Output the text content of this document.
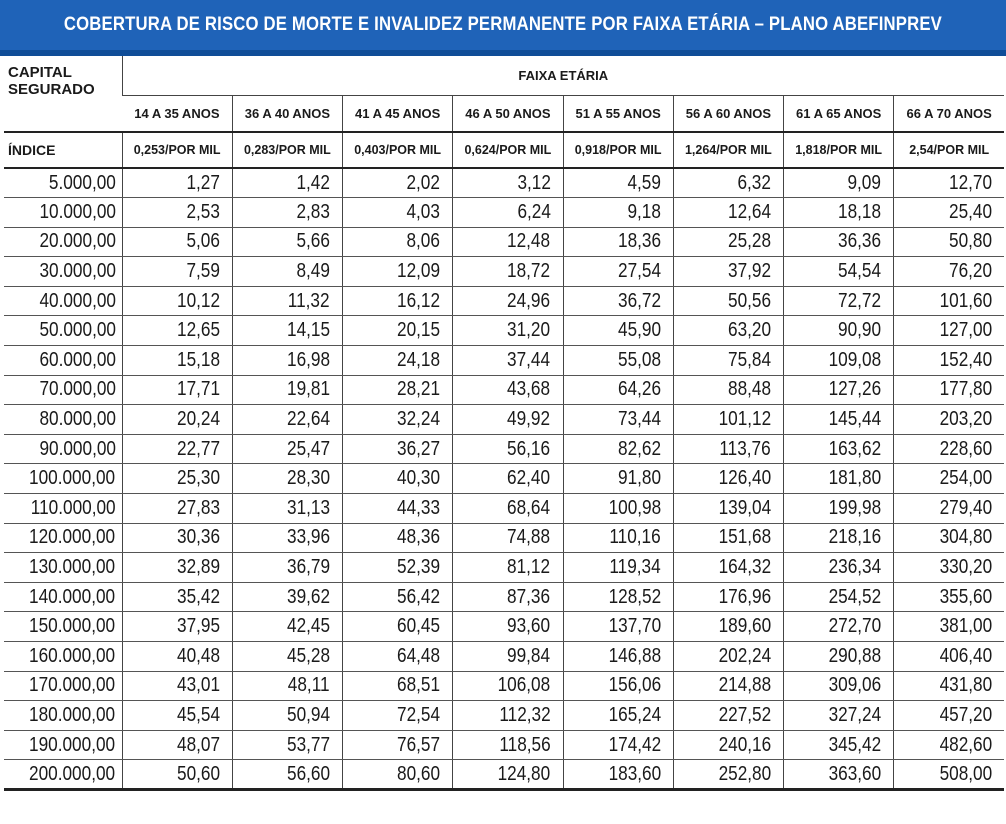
COBERTURA DE RISCO DE MORTE E INVALIDEZ PERMANENTE POR FAIXA ETÁRIA – PLANO ABEFINPREV
CAPITAL
SEGURADO	FAIXA ETÁRIA							
	14 A 35 ANOS	36 A 40 ANOS	41 A 45 ANOS	46 A 50 ANOS	51 A 55 ANOS	56 A 60 ANOS	61 A 65 ANOS	66 A 70 ANOS
ÍNDICE	0,253/POR MIL	0,283/POR MIL	0,403/POR MIL	0,624/POR MIL	0,918/POR MIL	1,264/POR MIL	1,818/POR MIL	2,54/POR MIL
5.000,00	1,27	1,42	2,02	3,12	4,59	6,32	9,09	12,70
10.000,00	2,53	2,83	4,03	6,24	9,18	12,64	18,18	25,40
20.000,00	5,06	5,66	8,06	12,48	18,36	25,28	36,36	50,80
30.000,00	7,59	8,49	12,09	18,72	27,54	37,92	54,54	76,20
40.000,00	10,12	11,32	16,12	24,96	36,72	50,56	72,72	101,60
50.000,00	12,65	14,15	20,15	31,20	45,90	63,20	90,90	127,00
60.000,00	15,18	16,98	24,18	37,44	55,08	75,84	109,08	152,40
70.000,00	17,71	19,81	28,21	43,68	64,26	88,48	127,26	177,80
80.000,00	20,24	22,64	32,24	49,92	73,44	101,12	145,44	203,20
90.000,00	22,77	25,47	36,27	56,16	82,62	113,76	163,62	228,60
100.000,00	25,30	28,30	40,30	62,40	91,80	126,40	181,80	254,00
110.000,00	27,83	31,13	44,33	68,64	100,98	139,04	199,98	279,40
120.000,00	30,36	33,96	48,36	74,88	110,16	151,68	218,16	304,80
130.000,00	32,89	36,79	52,39	81,12	119,34	164,32	236,34	330,20
140.000,00	35,42	39,62	56,42	87,36	128,52	176,96	254,52	355,60
150.000,00	37,95	42,45	60,45	93,60	137,70	189,60	272,70	381,00
160.000,00	40,48	45,28	64,48	99,84	146,88	202,24	290,88	406,40
170.000,00	43,01	48,11	68,51	106,08	156,06	214,88	309,06	431,80
180.000,00	45,54	50,94	72,54	112,32	165,24	227,52	327,24	457,20
190.000,00	48,07	53,77	76,57	118,56	174,42	240,16	345,42	482,60
200.000,00	50,60	56,60	80,60	124,80	183,60	252,80	363,60	508,00
